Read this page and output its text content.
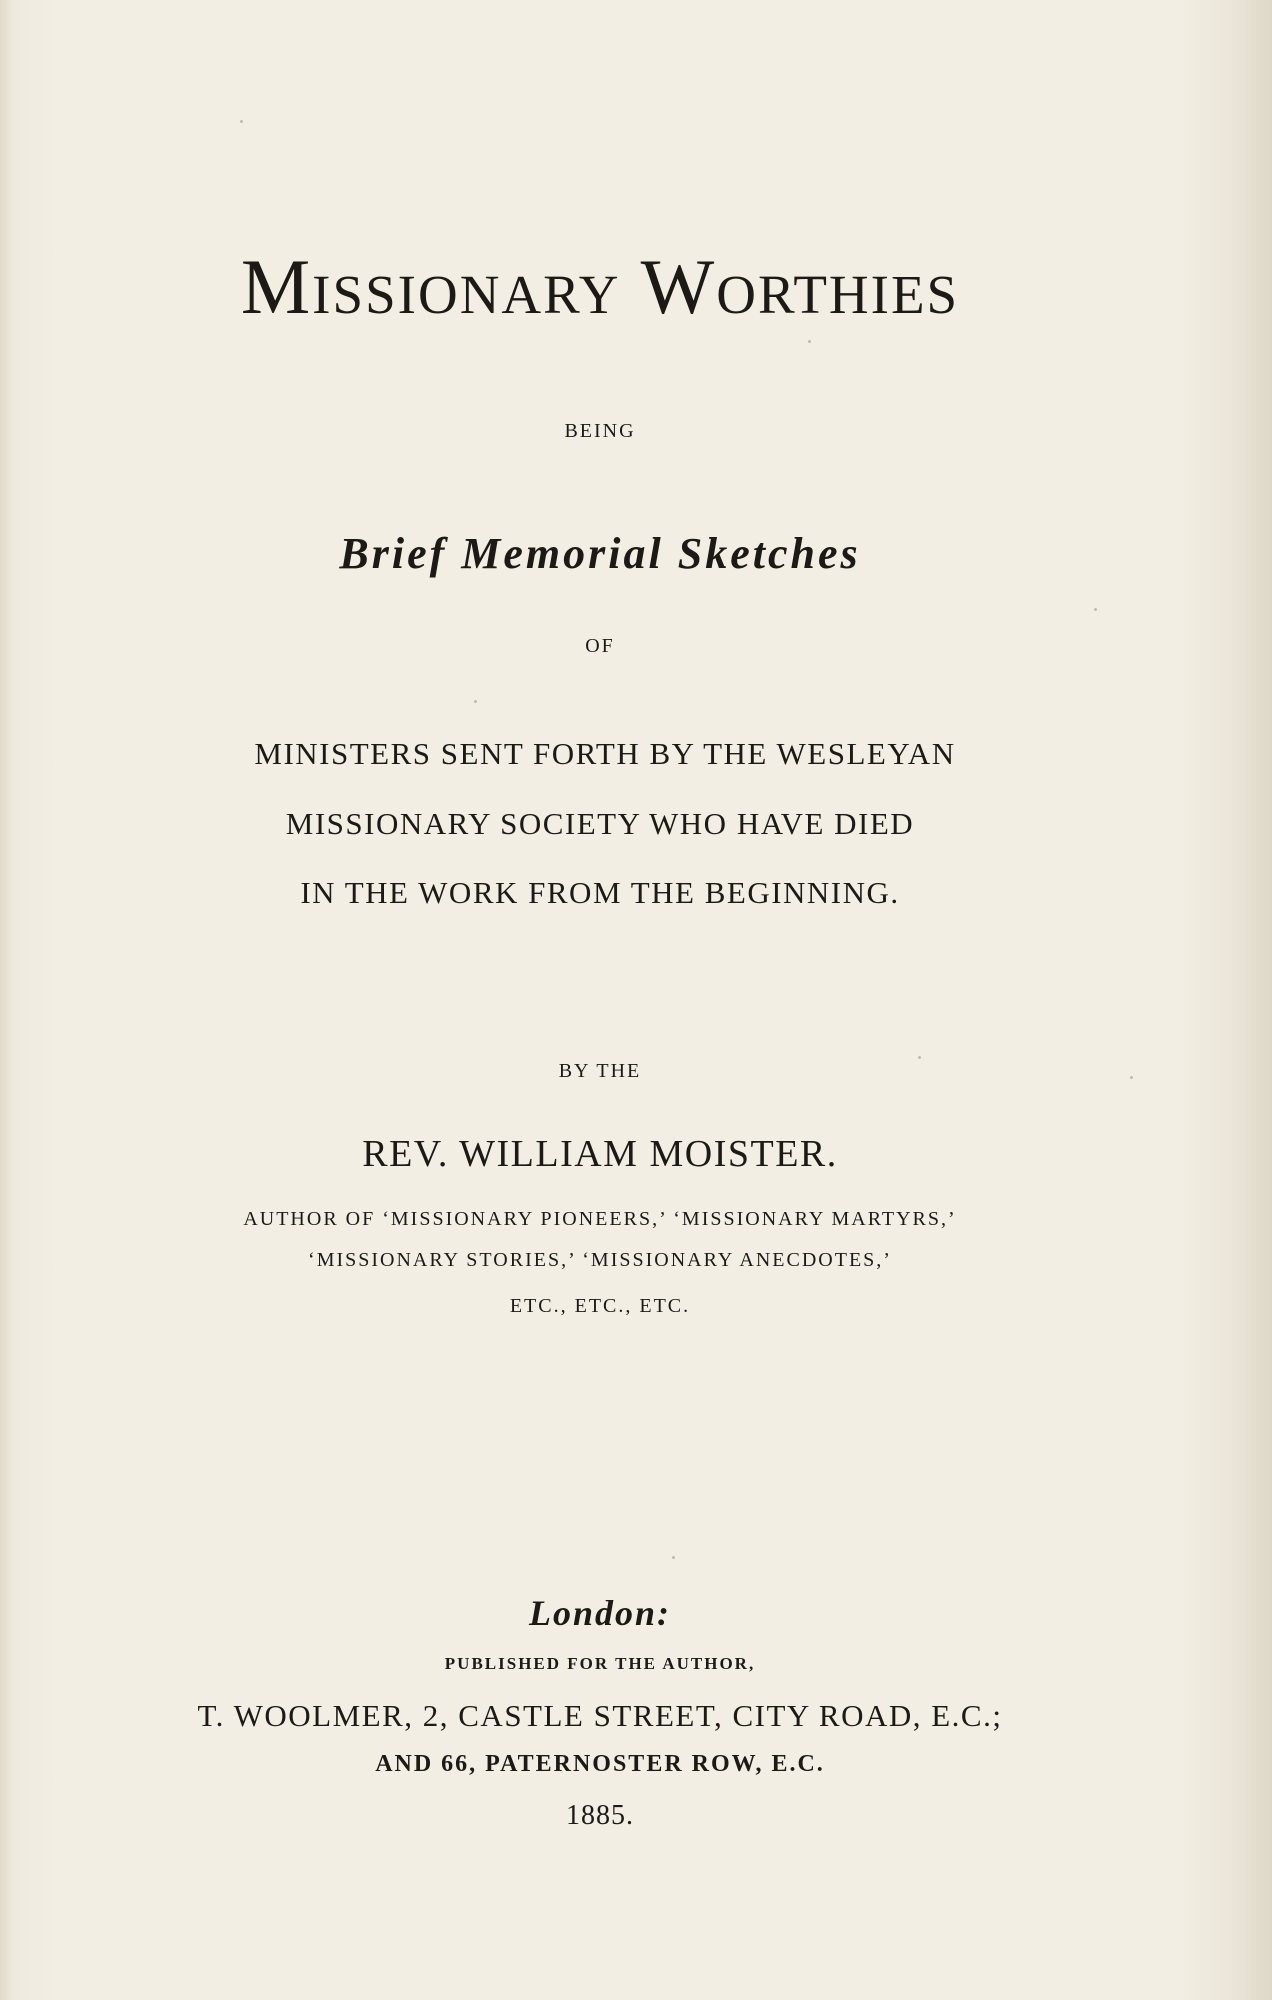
Missionary Worthies

BEING

Brief Memorial Sketches

OF

MINISTERS SENT FORTH BY THE WESLEYAN

MISSIONARY SOCIETY WHO HAVE DIED

IN THE WORK FROM THE BEGINNING.

BY THE

REV. WILLIAM MOISTER.

AUTHOR OF ‘MISSIONARY PIONEERS,’ ‘MISSIONARY MARTYRS,’

‘MISSIONARY STORIES,’ ‘MISSIONARY ANECDOTES,’

ETC., ETC., ETC.

London:

PUBLISHED FOR THE AUTHOR,

T. WOOLMER, 2, CASTLE STREET, CITY ROAD, E.C.;

AND 66, PATERNOSTER ROW, E.C.

1885.
